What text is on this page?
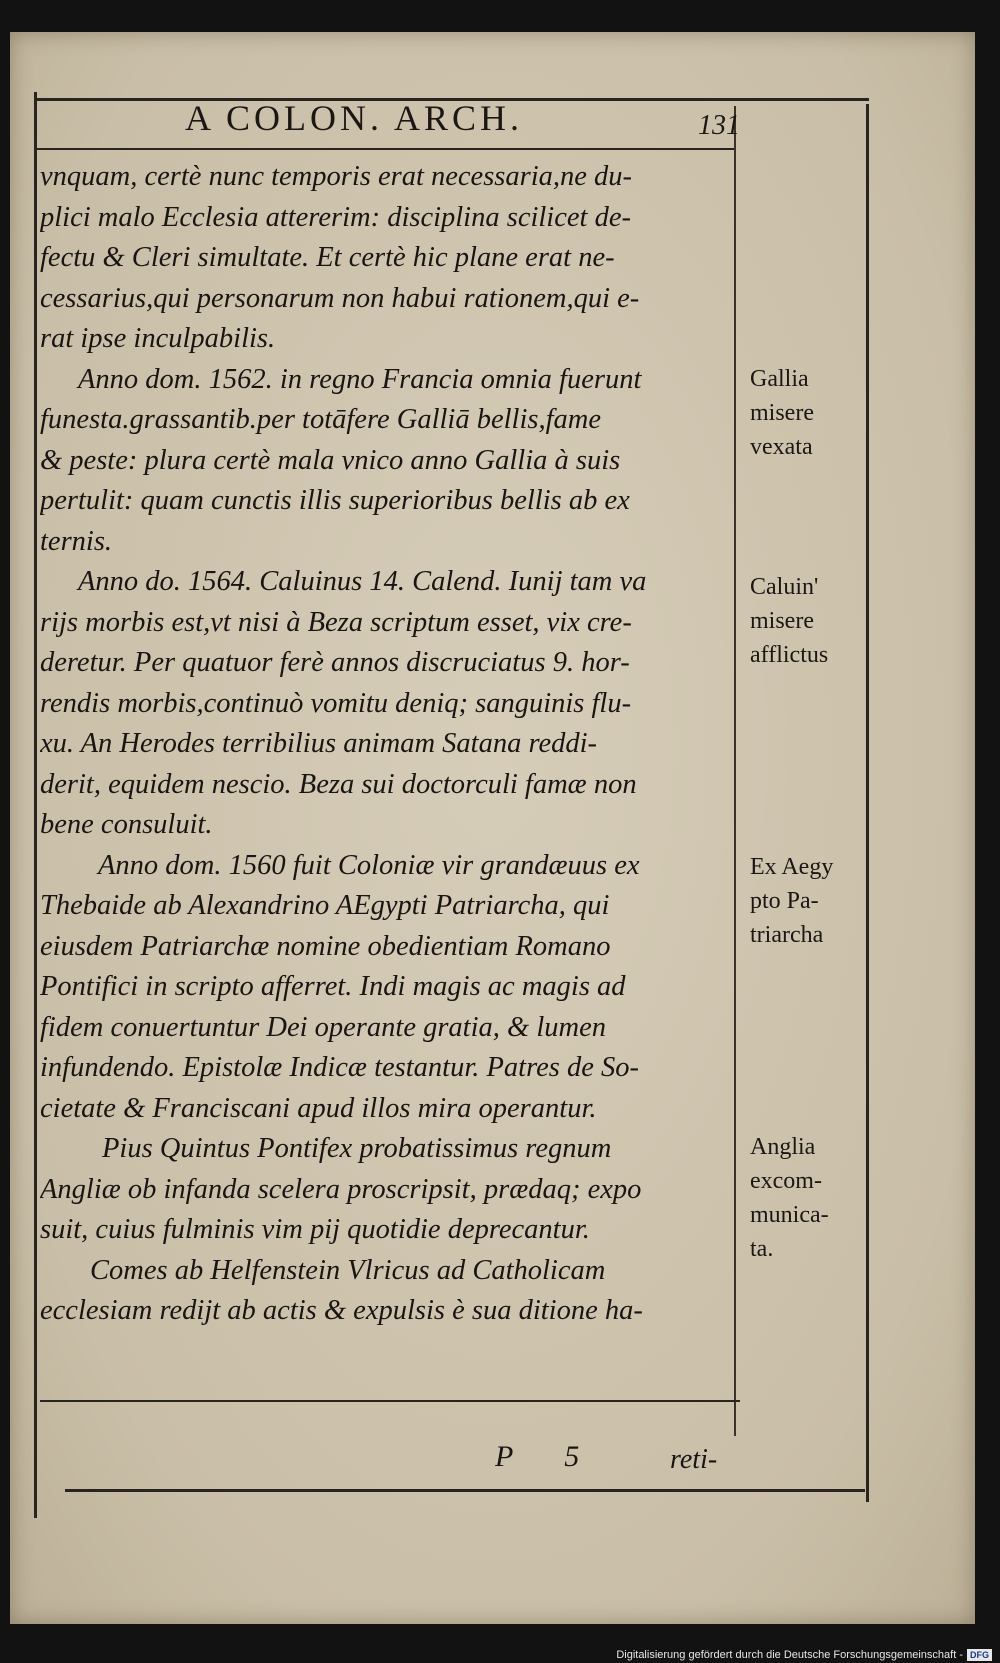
A COLON. ARCH.	131

vnquam, certè nunc temporis erat necessaria,ne du-
plici malo Ecclesia attererim: disciplina scilicet de-
fectu & Cleri simultate. Et certè hic plane erat ne-
cessarius,qui personarum non habui rationem,qui e-
rat ipse inculpabilis.

Anno dom. 1562. in regno Francia omnia fuerunt
funesta.grassantib.per totāfere Galliā bellis,fame
& peste: plura certè mala vnico anno Gallia à suis
pertulit: quam cunctis illis superioribus bellis ab ex
ternis.

Anno do. 1564. Caluinus 14. Calend. Iunij tam va
rijs morbis est,vt nisi à Beza scriptum esset, vix cre-
deretur. Per quatuor ferè annos discruciatus 9. hor-
rendis morbis,continuò vomitu deniq; sanguinis flu-
xu. An Herodes terribilius animam Satana reddi-
derit, equidem nescio. Beza sui doctorculi famæ non
bene consuluit.

Anno dom. 1560 fuit Coloniæ vir grandæuus ex
Thebaide ab Alexandrino AEgypti Patriarcha, qui
eiusdem Patriarchæ nomine obedientiam Romano
Pontifici in scripto afferret. Indi magis ac magis ad
fidem conuertuntur Dei operante gratia, & lumen
infundendo. Epistolæ Indicæ testantur. Patres de So-
cietate & Franciscani apud illos mira operantur.

Pius Quintus Pontifex probatissimus regnum
Angliæ ob infanda scelera proscripsit, prædaq; expo
suit, cuius fulminis vim pij quotidie deprecantur.

Comes ab Helfenstein Vlricus ad Catholicam
ecclesiam redijt ab actis & expulsis è sua ditione ha-

Gallia
misere
vexata
Caluin'
misere
afflictus
Ex Aegy
pto Pa-
triarcha
Anglia
excom-
munica-
ta.
P 5 reti-
Digitalisierung gefördert durch die Deutsche Forschungsgemeinschaft - DFG
